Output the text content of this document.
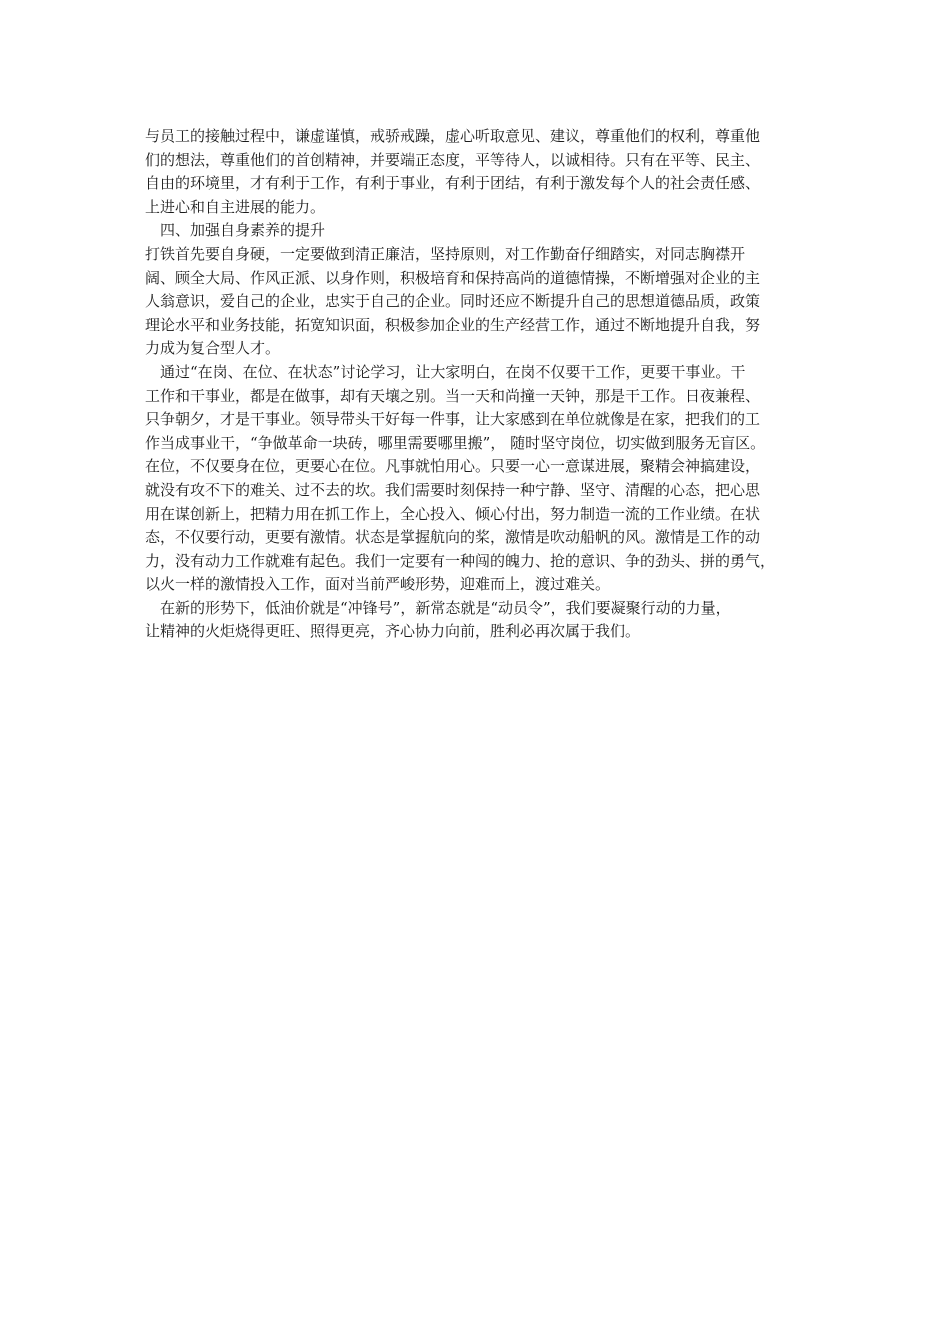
与员工的接触过程中，谦虚谨慎，戒骄戒躁，虚心听取意见、建议，尊重他们的权利，尊重他
们的想法，尊重他们的首创精神，并要端正态度，平等待人，以诚相待。只有在平等、民主、
自由的环境里，才有利于工作，有利于事业，有利于团结，有利于激发每个人的社会责任感、
上进心和自主进展的能力。
四、加强自身素养的提升
打铁首先要自身硬，一定要做到清正廉洁，坚持原则，对工作勤奋仔细踏实，对同志胸襟开
阔、顾全大局、作风正派、以身作则，积极培育和保持高尚的道德情操，不断增强对企业的主
人翁意识，爱自己的企业，忠实于自己的企业。同时还应不断提升自己的思想道德品质，政策
理论水平和业务技能，拓宽知识面，积极参加企业的生产经营工作，通过不断地提升自我，努
力成为复合型人才。
通过“在岗、在位、在状态”讨论学习，让大家明白，在岗不仅要干工作，更要干事业。干
工作和干事业，都是在做事，却有天壤之别。当一天和尚撞一天钟，那是干工作。日夜兼程、
只争朝夕，才是干事业。领导带头干好每一件事，让大家感到在单位就像是在家，把我们的工
作当成事业干，“争做革命一块砖，哪里需要哪里搬”， 随时坚守岗位，切实做到服务无盲区。
在位，不仅要身在位，更要心在位。凡事就怕用心。只要一心一意谋进展，聚精会神搞建设，
就没有攻不下的难关、过不去的坎。我们需要时刻保持一种宁静、坚守、清醒的心态，把心思
用在谋创新上，把精力用在抓工作上，全心投入、倾心付出，努力制造一流的工作业绩。在状
态，不仅要行动，更要有激情。状态是掌握航向的桨，激情是吹动船帆的风。激情是工作的动
力，没有动力工作就难有起色。我们一定要有一种闯的魄力、抢的意识、争的劲头、拼的勇气，
以火一样的激情投入工作，面对当前严峻形势，迎难而上，渡过难关。
在新的形势下，低油价就是“冲锋号”，新常态就是“动员令”，我们要凝聚行动的力量，
让精神的火炬烧得更旺、照得更亮，齐心协力向前，胜利必再次属于我们。
